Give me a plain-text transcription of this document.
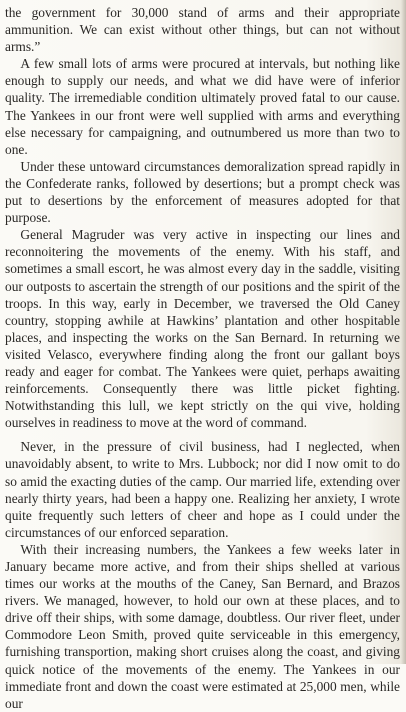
the government for 30,000 stand of arms and their appropriate ammunition. We can exist without other things, but can not without arms.”

A few small lots of arms were procured at intervals, but nothing like enough to supply our needs, and what we did have were of inferior quality. The irremediable condition ultimately proved fatal to our cause. The Yankees in our front were well supplied with arms and everything else necessary for campaigning, and outnumbered us more than two to one.

Under these untoward circumstances demoralization spread rapidly in the Confederate ranks, followed by desertions; but a prompt check was put to desertions by the enforcement of measures adopted for that purpose.

General Magruder was very active in inspecting our lines and reconnoitering the movements of the enemy. With his staff, and sometimes a small escort, he was almost every day in the saddle, visiting our outposts to ascertain the strength of our positions and the spirit of the troops. In this way, early in December, we traversed the Old Caney country, stopping awhile at Hawkins’ plantation and other hospitable places, and inspecting the works on the San Bernard. In returning we visited Velasco, everywhere finding along the front our gallant boys ready and eager for combat. The Yankees were quiet, perhaps awaiting reinforcements. Consequently there was little picket fighting. Notwithstanding this lull, we kept strictly on the qui vive, holding ourselves in readiness to move at the word of command.

Never, in the pressure of civil business, had I neglected, when unavoidably absent, to write to Mrs. Lubbock; nor did I now omit to do so amid the exacting duties of the camp. Our married life, extending over nearly thirty years, had been a happy one. Realizing her anxiety, I wrote quite frequently such letters of cheer and hope as I could under the circumstances of our enforced separation.

With their increasing numbers, the Yankees a few weeks later in January became more active, and from their ships shelled at various times our works at the mouths of the Caney, San Bernard, and Brazos rivers. We managed, however, to hold our own at these places, and to drive off their ships, with some damage, doubtless. Our river fleet, under Commodore Leon Smith, proved quite serviceable in this emergency, furnishing transportion, making short cruises along the coast, and giving quick notice of the movements of the enemy. The Yankees in our immediate front and down the coast were estimated at 25,000 men, while our
